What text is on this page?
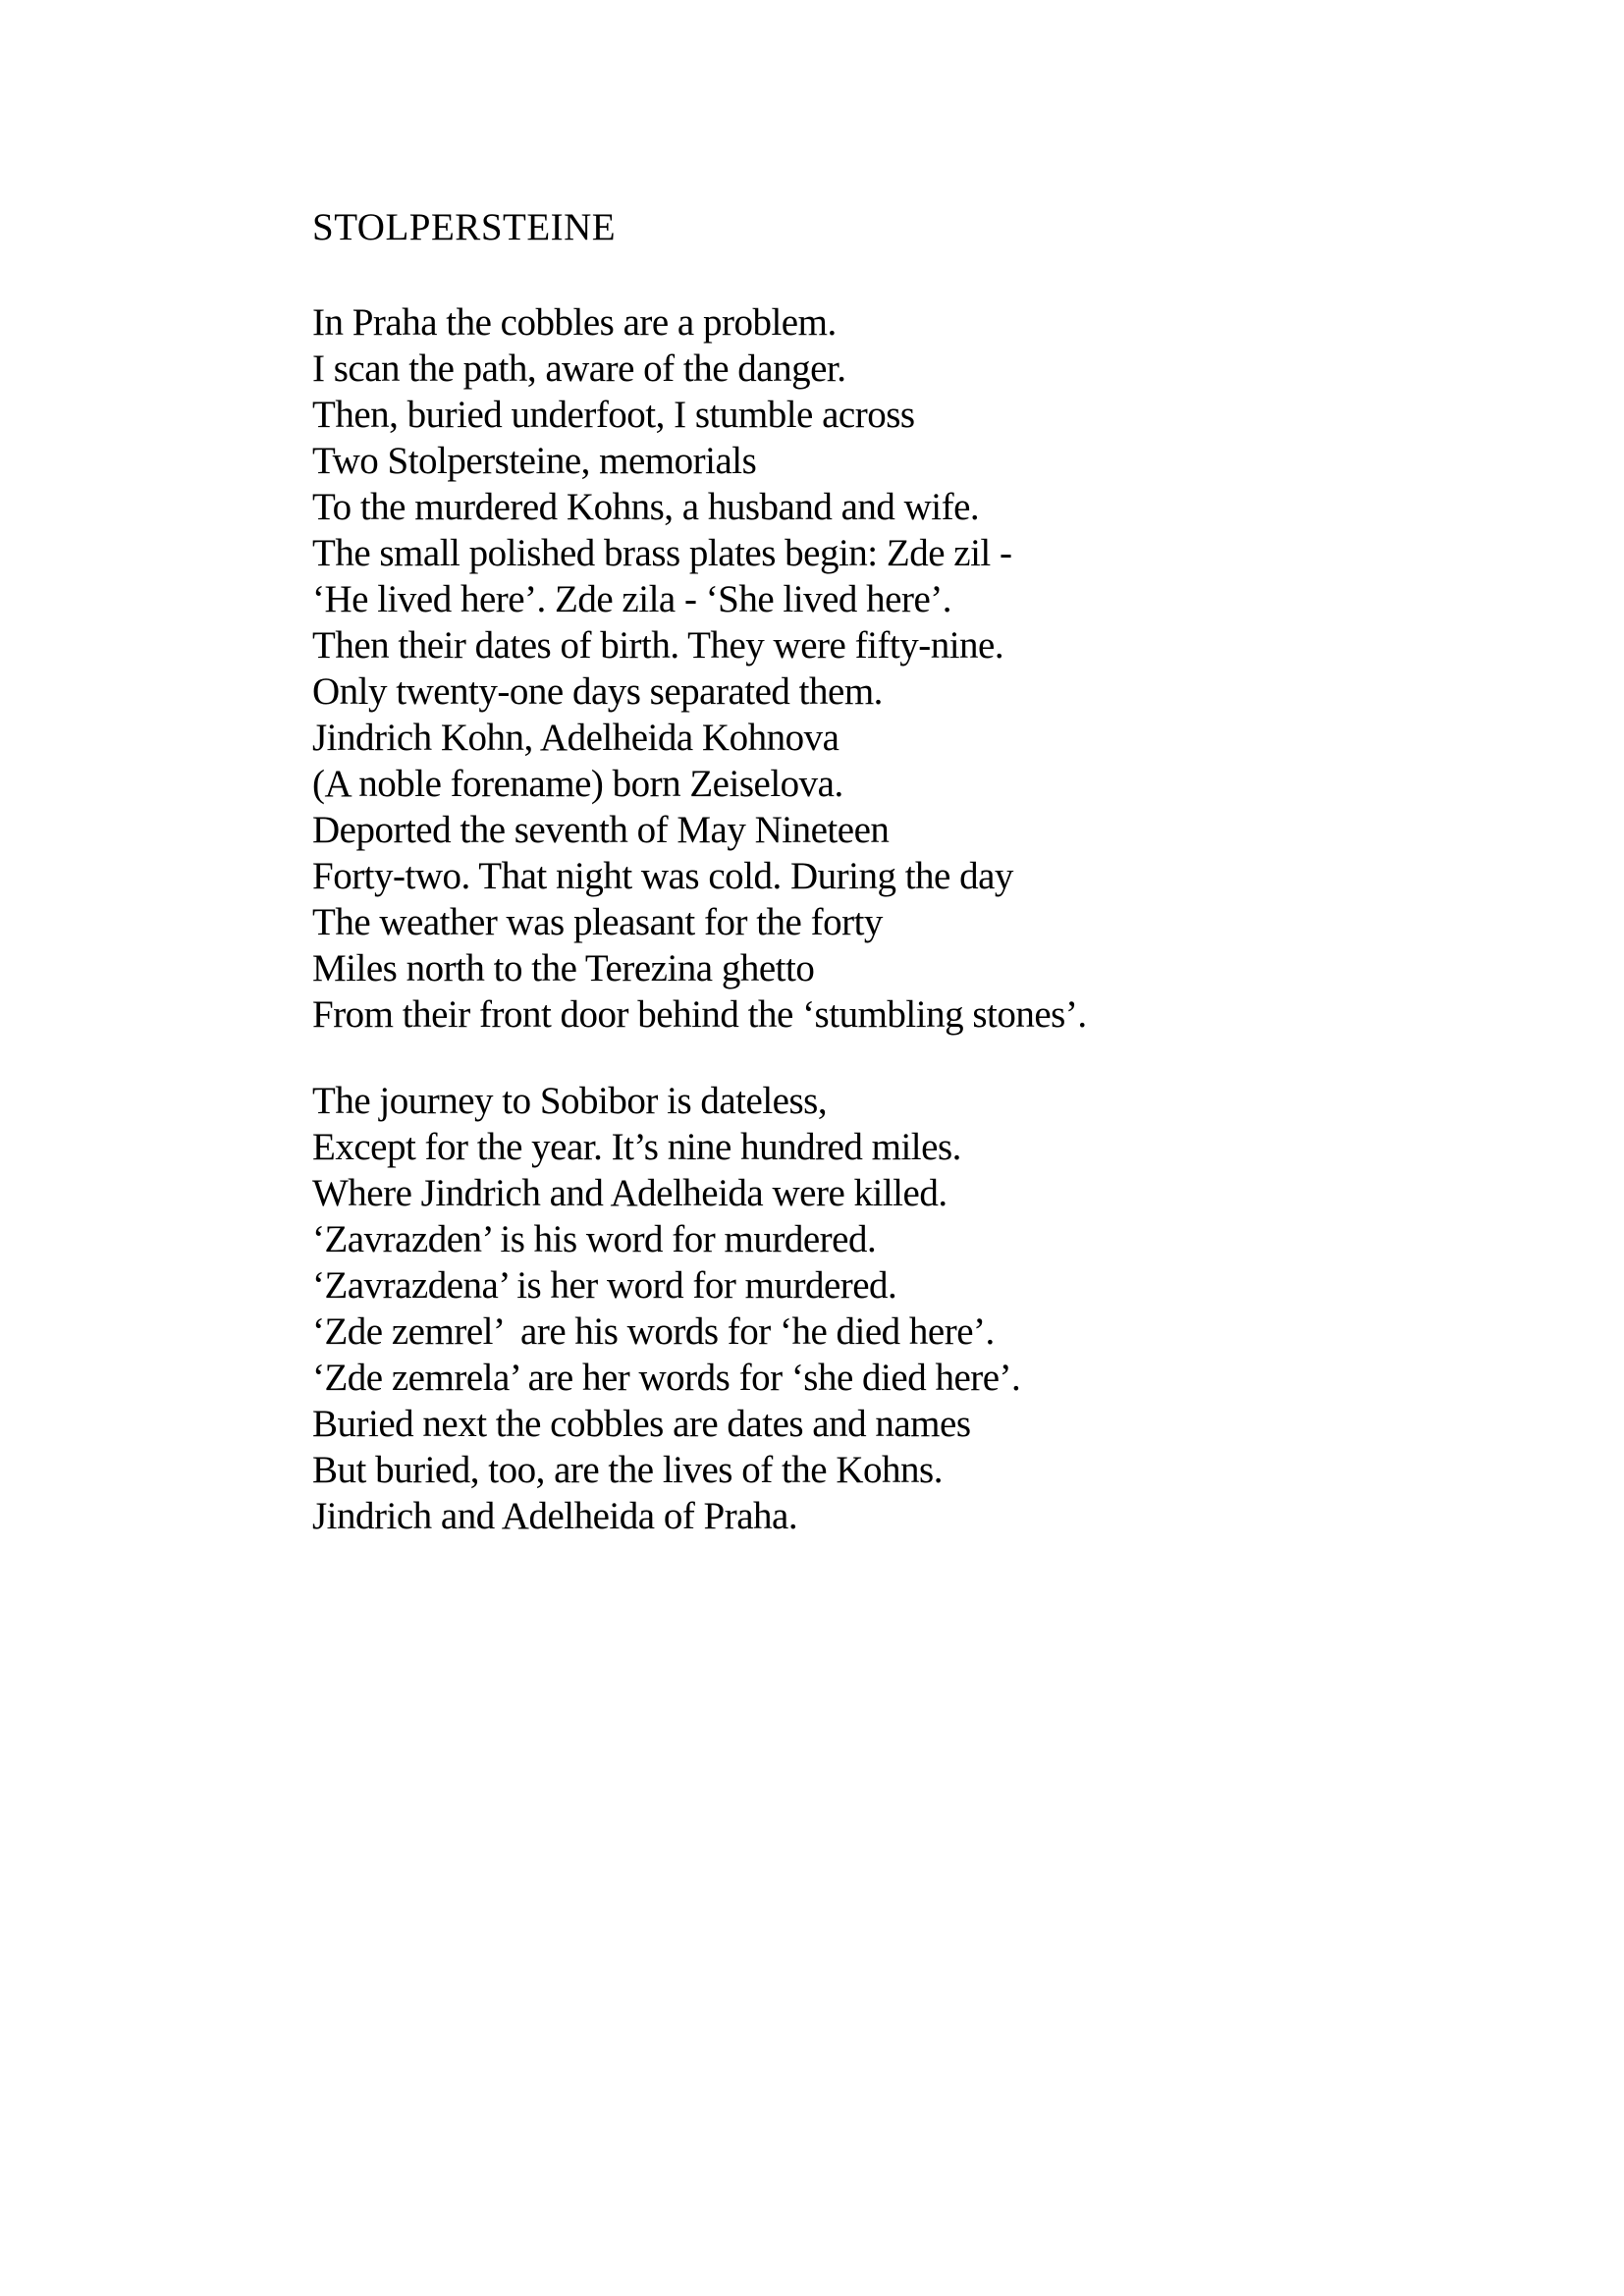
STOLPERSTEINE
In Praha the cobbles are a problem.
I scan the path, aware of the danger.
Then, buried underfoot, I stumble across
Two Stolpersteine, memorials
To the murdered Kohns, a husband and wife.
The small polished brass plates begin: Zde zil -
‘He lived here’. Zde zila - ‘She lived here’.
Then their dates of birth. They were fifty-nine.
Only twenty-one days separated them.
Jindrich Kohn, Adelheida Kohnova
(A noble forename) born Zeiselova.
Deported the seventh of May Nineteen
Forty-two. That night was cold. During the day
The weather was pleasant for the forty
Miles north to the Terezina ghetto
From their front door behind the ‘stumbling stones’.
The journey to Sobibor is dateless,
Except for the year. It’s nine hundred miles.
Where Jindrich and Adelheida were killed.
‘Zavrazden’ is his word for murdered.
‘Zavrazdena’ is her word for murdered.
‘Zde zemrel’  are his words for ‘he died here’.
‘Zde zemrela’ are her words for ‘she died here’.
Buried next the cobbles are dates and names
But buried, too, are the lives of the Kohns.
Jindrich and Adelheida of Praha.
